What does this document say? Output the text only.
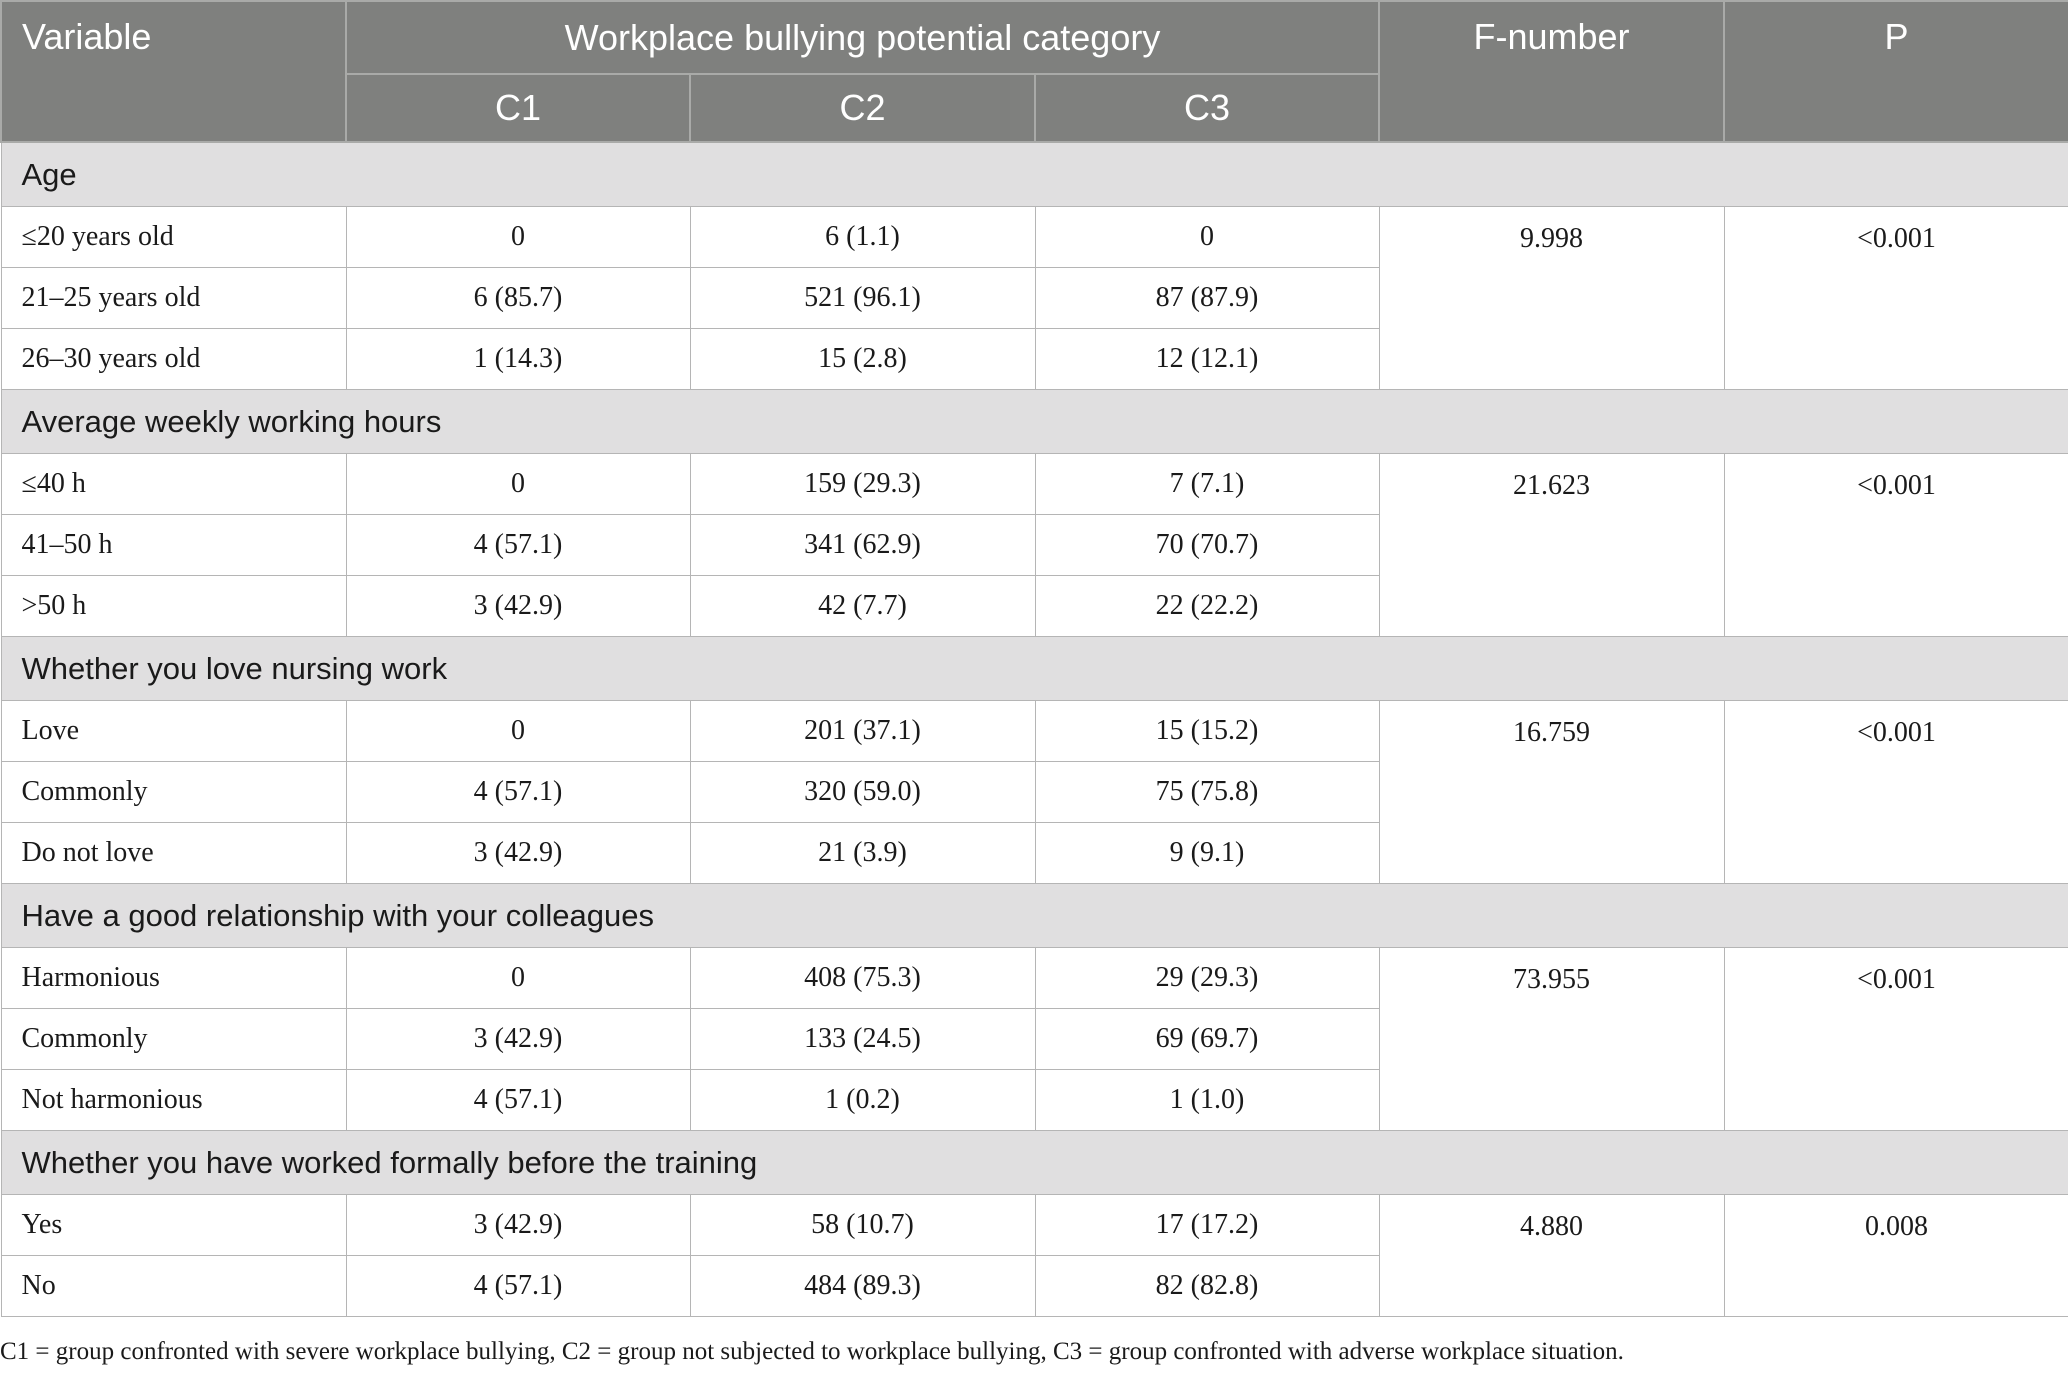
Variable	Workplace bullying potential category			F-number	P
	C1	C2	C3		
Age					
≤20 years old	0	6 (1.1)	0	9.998	<0.001
21–25 years old	6 (85.7)	521 (96.1)	87 (87.9)		
26–30 years old	1 (14.3)	15 (2.8)	12 (12.1)		
Average weekly working hours					
≤40 h	0	159 (29.3)	7 (7.1)	21.623	<0.001
41–50 h	4 (57.1)	341 (62.9)	70 (70.7)		
>50 h	3 (42.9)	42 (7.7)	22 (22.2)		
Whether you love nursing work					
Love	0	201 (37.1)	15 (15.2)	16.759	<0.001
Commonly	4 (57.1)	320 (59.0)	75 (75.8)		
Do not love	3 (42.9)	21 (3.9)	9 (9.1)		
Have a good relationship with your colleagues					
Harmonious	0	408 (75.3)	29 (29.3)	73.955	<0.001
Commonly	3 (42.9)	133 (24.5)	69 (69.7)		
Not harmonious	4 (57.1)	1 (0.2)	1 (1.0)		
Whether you have worked formally before the training					
Yes	3 (42.9)	58 (10.7)	17 (17.2)	4.880	0.008
No	4 (57.1)	484 (89.3)	82 (82.8)		
C1 = group confronted with severe workplace bullying, C2 = group not subjected to workplace bullying, C3 = group confronted with adverse workplace situation.
